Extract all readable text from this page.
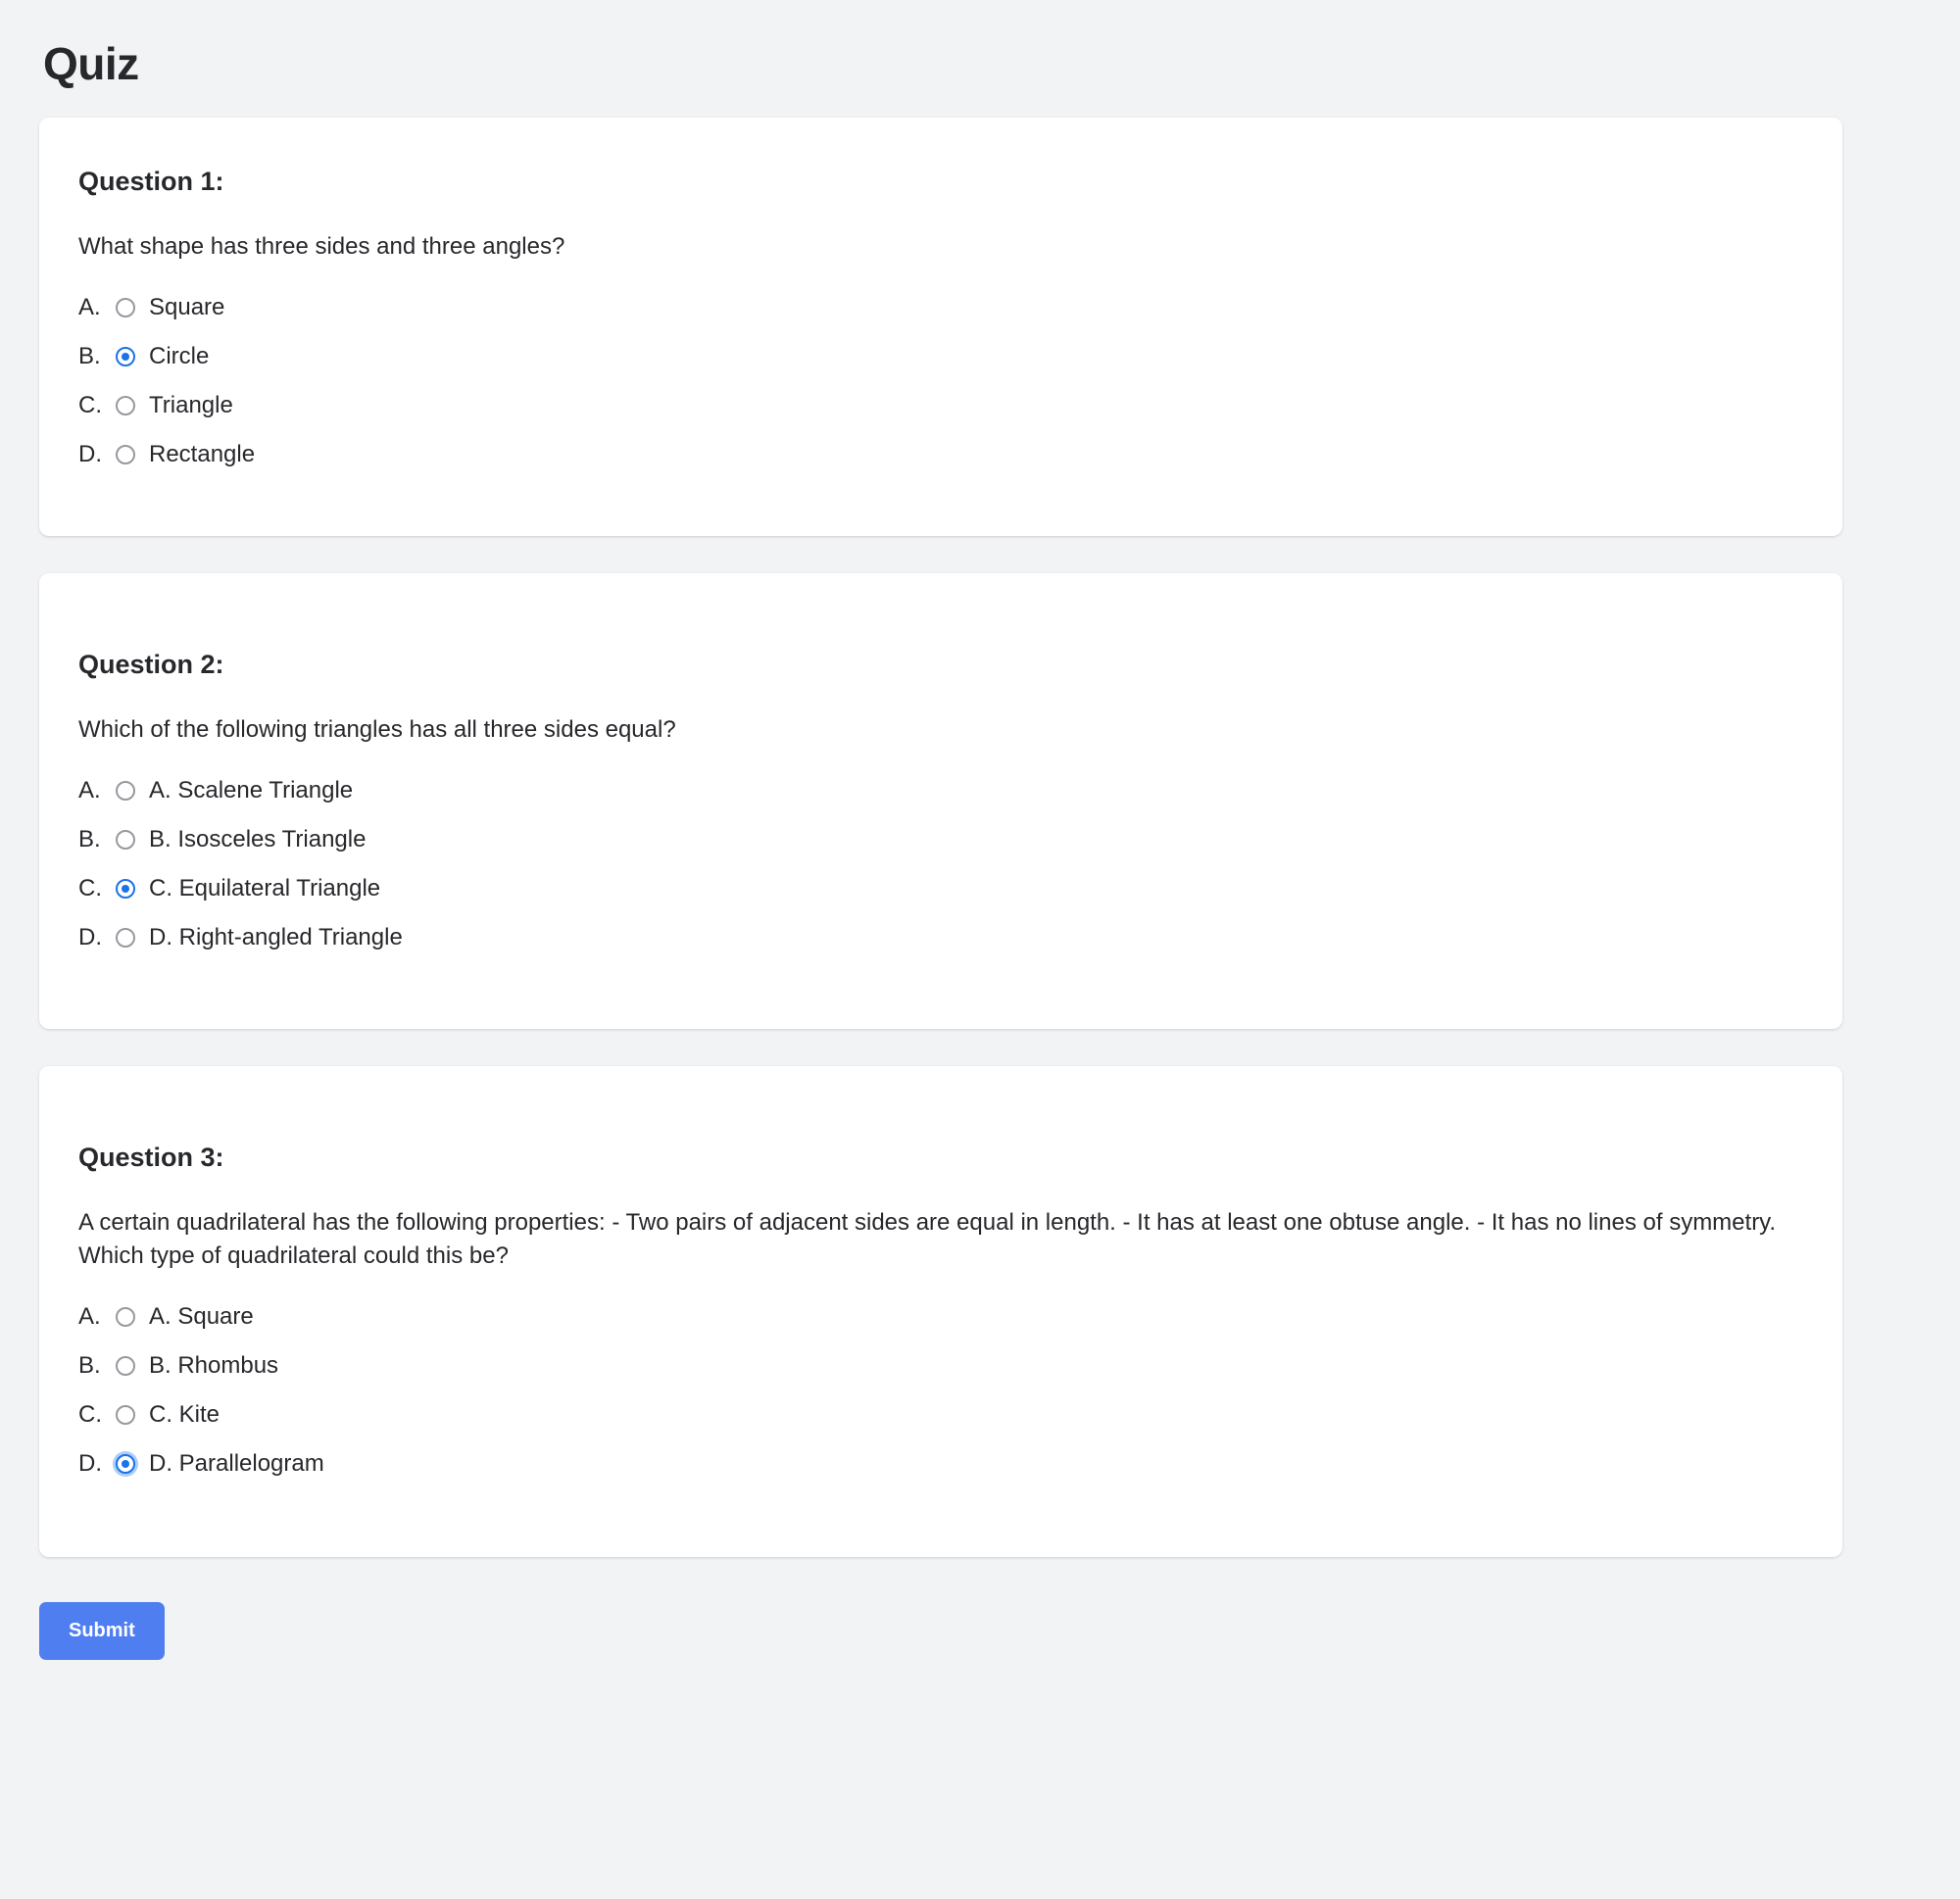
Quiz
Question 1:
What shape has three sides and three angles?
A.	Square
B.	Circle
C.	Triangle
D.	Rectangle
Question 2:
Which of the following triangles has all three sides equal?
A.	A. Scalene Triangle
B.	B. Isosceles Triangle
C.	C. Equilateral Triangle
D.	D. Right-angled Triangle
Question 3:
A certain quadrilateral has the following properties: - Two pairs of adjacent sides are equal in length. - It has at least one obtuse angle. - It has no lines of symmetry. Which type of quadrilateral could this be?
A.	A. Square
B.	B. Rhombus
C.	C. Kite
D.	D. Parallelogram
Submit
